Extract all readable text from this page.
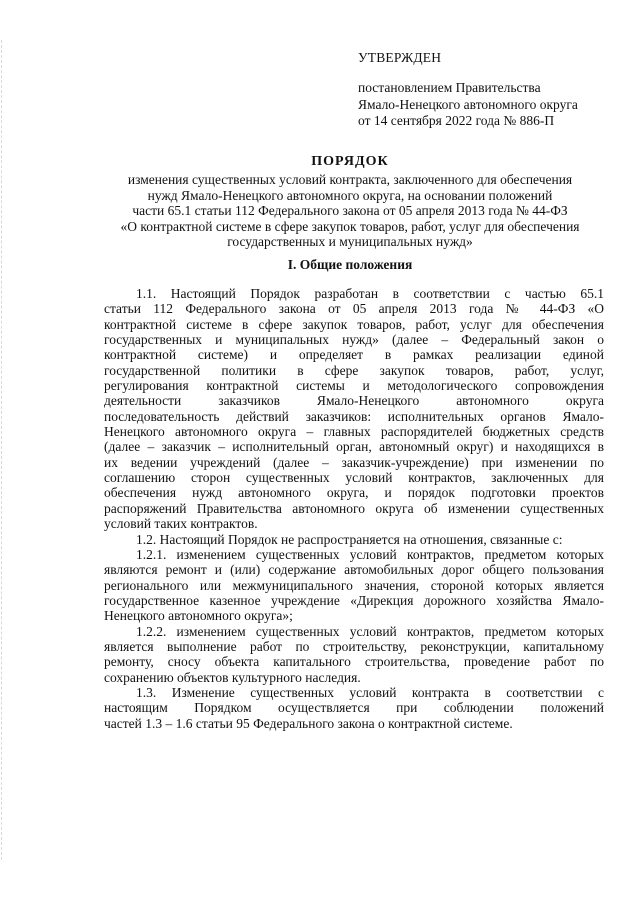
УТВЕРЖДЕН

постановлением Правительства

Ямало-Ненецкого автономного округа

от 14 сентября 2022 года № 886-П

ПОРЯДОК

изменения существенных условий контракта, заключенного для обеспечения

нужд Ямало-Ненецкого автономного округа, на основании положений

части 65.1 статьи 112 Федерального закона от 05 апреля 2013 года № 44-ФЗ

«О контрактной системе в сфере закупок товаров, работ, услуг для обеспечения

государственных и муниципальных нужд»

I. Общие положения

1.1. Настоящий Порядок разработан в соответствии с частью 65.1

статьи 112 Федерального закона от 05 апреля 2013 года № 44-ФЗ «О

контрактной системе в сфере закупок товаров, работ, услуг для обеспечения

государственных и муниципальных нужд» (далее – Федеральный закон о

контрактной системе) и определяет в рамках реализации единой

государственной политики в сфере закупок товаров, работ, услуг,

регулирования контрактной системы и методологического сопровождения

деятельности заказчиков Ямало-Ненецкого автономного округа

последовательность действий заказчиков: исполнительных органов Ямало-

Ненецкого автономного округа – главных распорядителей бюджетных средств

(далее – заказчик – исполнительный орган, автономный округ) и находящихся в

их ведении учреждений (далее – заказчик-учреждение) при изменении по

соглашению сторон существенных условий контрактов, заключенных для

обеспечения нужд автономного округа, и порядок подготовки проектов

распоряжений Правительства автономного округа об изменении существенных

условий таких контрактов.

1.2. Настоящий Порядок не распространяется на отношения, связанные с:

1.2.1. изменением существенных условий контрактов, предметом которых

являются ремонт и (или) содержание автомобильных дорог общего пользования

регионального или межмуниципального значения, стороной которых является

государственное казенное учреждение «Дирекция дорожного хозяйства Ямало-

Ненецкого автономного округа»;

1.2.2. изменением существенных условий контрактов, предметом которых

является выполнение работ по строительству, реконструкции, капитальному

ремонту, сносу объекта капитального строительства, проведение работ по

сохранению объектов культурного наследия.

1.3. Изменение существенных условий контракта в соответствии с

настоящим Порядком осуществляется при соблюдении положений

частей 1.3 – 1.6 статьи 95 Федерального закона о контрактной системе.
